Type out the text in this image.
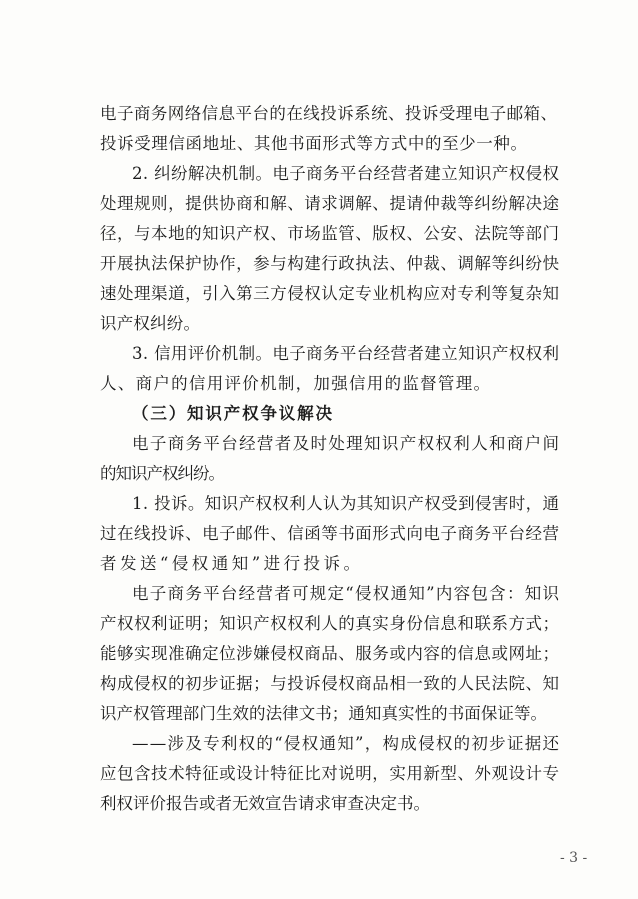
电子商务网络信息平台的在线投诉系统、投诉受理电子邮箱、
投诉受理信函地址、其他书面形式等方式中的至少一种。
2. 纠纷解决机制。电子商务平台经营者建立知识产权侵权
处理规则，提供协商和解、请求调解、提请仲裁等纠纷解决途
径，与本地的知识产权、市场监管、版权、公安、法院等部门
开展执法保护协作，参与构建行政执法、仲裁、调解等纠纷快
速处理渠道，引入第三方侵权认定专业机构应对专利等复杂知
识产权纠纷。
3. 信用评价机制。电子商务平台经营者建立知识产权权利
人、商户的信用评价机制，加强信用的监督管理。
（三）知识产权争议解决
电子商务平台经营者及时处理知识产权权利人和商户间
的知识产权纠纷。
1. 投诉。知识产权权利人认为其知识产权受到侵害时，通
过在线投诉、电子邮件、信函等书面形式向电子商务平台经营
者发送“侵权通知”进行投诉。
电子商务平台经营者可规定“侵权通知”内容包含：知识
产权权利证明；知识产权权利人的真实身份信息和联系方式；
能够实现准确定位涉嫌侵权商品、服务或内容的信息或网址；
构成侵权的初步证据；与投诉侵权商品相一致的人民法院、知
识产权管理部门生效的法律文书；通知真实性的书面保证等。
——涉及专利权的“侵权通知”，构成侵权的初步证据还
应包含技术特征或设计特征比对说明，实用新型、外观设计专
利权评价报告或者无效宣告请求审查决定书。
- 3 -
